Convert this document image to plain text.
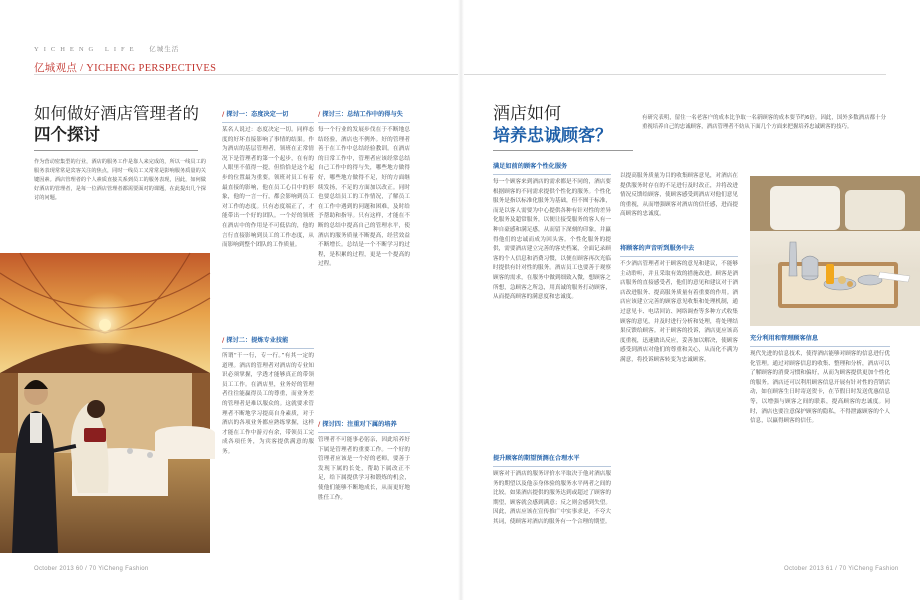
YICHENG LIFE 亿城生活
亿城观点 / YICHENG PERSPECTIVES
如何做好酒店管理者的
四个探讨
作为营动密集型的行业，酒店的服务工作是靠人来完成的，所以一线员工的服务表现常常是宾客关注的焦点，同时一线员工又常常是影响服务质量的关键因素。酒店管理者的个人素质直接关系到员工的服务表现，因此，如何做好酒店的管理者，是每一位酒店管理者都需要面对的课题，在此提出几个探讨的问题。
/ 探讨一：态度决定一切
某名人说过：态度决定一切。同样态度的好坏直接影响了事情的结果。作为酒店的基层管理者，领班在正常情况下是管理者的第一个起步，在有的人眼里不值得一提，但恰恰是这个起步的位置最为重要。领班对员工有着最直接的影响，他在员工心目中的形象，他的一言一行，都会影响到员工对工作的态度。只有态度端正了，才能带出一个好的团队。一个好的领班在酒店中的作用是不可低估的，他的言行直接影响到员工的工作态度，从而影响到整个团队的工作质量。
/ 探讨二：提炼专业技能
所谓“干一行，专一行。”有其一定的道理。酒店的管理者对酒店的专业知识必须掌握，学透才能够真正的带领员工工作。在酒店里，业务好的管理者往往能赢得员工的尊重，而业务差的管理者是难以服众的。这就要求管理者不断地学习提高自身素质，对于酒店的各项业务都应熟练掌握，这样才能在工作中游刃有余，带领员工完成各项任务，为宾客提供满意的服务。
/ 探讨三：总结工作中的得与失
每一个行业的发展步伐在于不断地总结经验，酒店也不例外。好的管理者善于在工作中总结经验教训。在酒店的日常工作中，管理者应该经常总结自己工作中的得与失，哪些地方做得好，哪些地方做得不足，好的方面继续发扬，不足的方面加以改正。同时也要总结员工的工作情况，了解员工在工作中遇到的问题和困难，及时给予帮助和指导。只有这样，才能在不断的总结中提高自己的管理水平，使酒店的服务质量不断提高，经营效益不断增长。总结是一个不断学习的过程，是积累的过程，更是一个提高的过程。
/ 探讨四：注重对下属的培养
管理者不可能事必躬亲，因此培养好下属是管理者的重要工作。一个好的管理者应该是一个好的老师，要善于发现下属的长处，帮助下属改正不足，给下属提供学习和锻炼的机会，使他们能够不断地成长，从而更好地胜任工作。
October 2013 60 / 70 YiCheng Fashion
酒店如何
培养忠诚顾客？
有研究表明，留住一名老客户的成本比争取一名新顾客的成本要节约6倍。因此，国外多数酒店都十分重视培养自己的忠诚顾客，酒店管理者不妨从下面几个方面来把握培养忠诚顾客的技巧。
满足如前的顾客个性化服务
每一个顾客来到酒店的需求都是不同的，酒店要根据顾客的不同需求提供个性化的服务。个性化服务是指以标准化服务为基础，但不囿于标准，而是以客人需要为中心提供各种有针对性的差异化服务及超常服务，以便让接受服务的客人有一种自豪感和满足感，从而留下深刻的印象，并赢得他们的忠诚而成为回头客。个性化服务的提供，需要酒店建立完善的客史档案，全面记录顾客的个人信息和消费习惯，以便在顾客再次光临时提供有针对性的服务。酒店员工也要善于观察顾客的需求，在服务中做到细致入微，想顾客之所想，急顾客之所急，用真诚的服务打动顾客，从而提高顾客的满意度和忠诚度。
提升顾客的期望预测在合理水平
顾客对于酒店的服务评价水平取决于他对酒店服务的期望以及他亲身体验的服务水平两者之间的比较。如果酒店提供的服务达到或超过了顾客的期望，顾客就会感到满意；反之则会感到失望。因此，酒店应该在宣传推广中实事求是，不夸大其词，使顾客对酒店的服务有一个合理的期望。
以提高服务质量为目的收集顾客意见，对酒店在提供服务时存在的不足进行及时改正，并将改进情况反馈给顾客，使顾客感受到酒店对他们意见的重视，从而增强顾客对酒店的信任感，进而提高顾客的忠诚度。
将顾客的声音听到服务中去
不少酒店管理者对于顾客的意见和建议，不能够主动聆听，并且采取有效的措施改进。顾客是酒店服务的直接感受者，他们的意见和建议对于酒店改进服务、提高服务质量有着重要的作用。酒店应该建立完善的顾客意见收集和处理机制，通过意见卡、电话回访、网络调查等多种方式收集顾客的意见，并及时进行分析和处理，将处理结果反馈给顾客。对于顾客的投诉，酒店更应该高度重视，迅速做出反应，妥善加以解决，使顾客感受到酒店对他们的尊重和关心，从而化不满为满意，将投诉顾客转变为忠诚顾客。
充分利用和管理顾客信息
现代先进的信息技术，使得酒店能够对顾客的信息进行优化管理。通过对顾客信息的收集、整理和分析，酒店可以了解顾客的消费习惯和偏好，从而为顾客提供更加个性化的服务。酒店还可以利用顾客信息开展有针对性的营销活动，如在顾客生日时寄送贺卡，在节假日时发送优惠信息等，以增强与顾客之间的联系，提高顾客的忠诚度。同时，酒店也要注意保护顾客的隐私，不得泄露顾客的个人信息，以赢得顾客的信任。
October 2013 61 / 70 YiCheng Fashion
